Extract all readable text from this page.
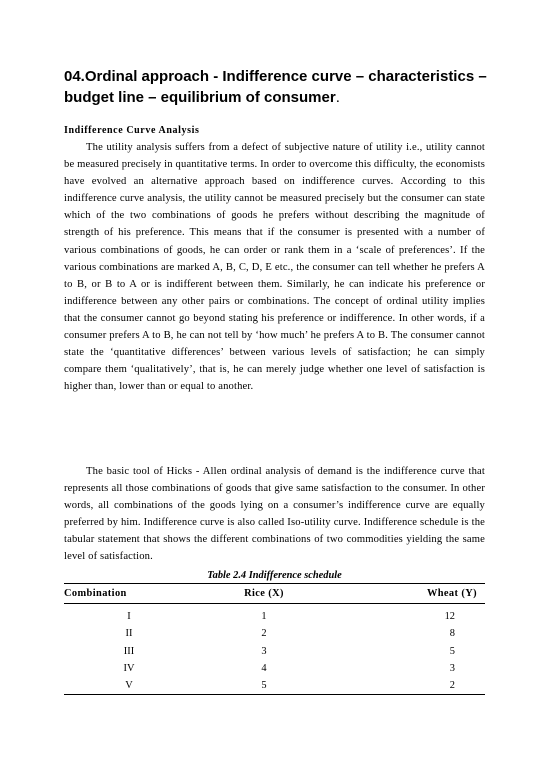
04.Ordinal approach - Indifference curve – characteristics – budget line – equilibrium of consumer.
Indifference Curve Analysis

The utility analysis suffers from a defect of subjective nature of utility i.e., utility cannot be measured precisely in quantitative terms. In order to overcome this difficulty, the economists have evolved an alternative approach based on indifference curves. According to this indifference curve analysis, the utility cannot be measured precisely but the consumer can state which of the two combinations of goods he prefers without describing the magnitude of strength of his preference. This means that if the consumer is presented with a number of various combinations of goods, he can order or rank them in a ‘scale of preferences’. If the various combinations are marked A, B, C, D, E etc., the consumer can tell whether he prefers A to B, or B to A or is indifferent between them. Similarly, he can indicate his preference or indifference between any other pairs or combinations. The concept of ordinal utility implies that the consumer cannot go beyond stating his preference or indifference. In other words, if a consumer prefers A to B, he can not tell by ‘how much’ he prefers A to B. The consumer cannot state the ‘quantitative differences’ between various levels of satisfaction; he can simply compare them ‘qualitatively’, that is, he can merely judge whether one level of satisfaction is higher than, lower than or equal to another.

The basic tool of Hicks - Allen ordinal analysis of demand is the indifference curve that represents all those combinations of goods that give same satisfaction to the consumer. In other words, all combinations of the goods lying on a consumer’s indifference curve are equally preferred by him. Indifference curve is also called Iso-utility curve. Indifference schedule is the tabular statement that shows the different combinations of two commodities yielding the same level of satisfaction.

Table 2.4 Indifference schedule
Combination	Rice (X)	Wheat (Y)
I	1	12
II	2	8
III	3	5
IV	4	3
V	5	2
